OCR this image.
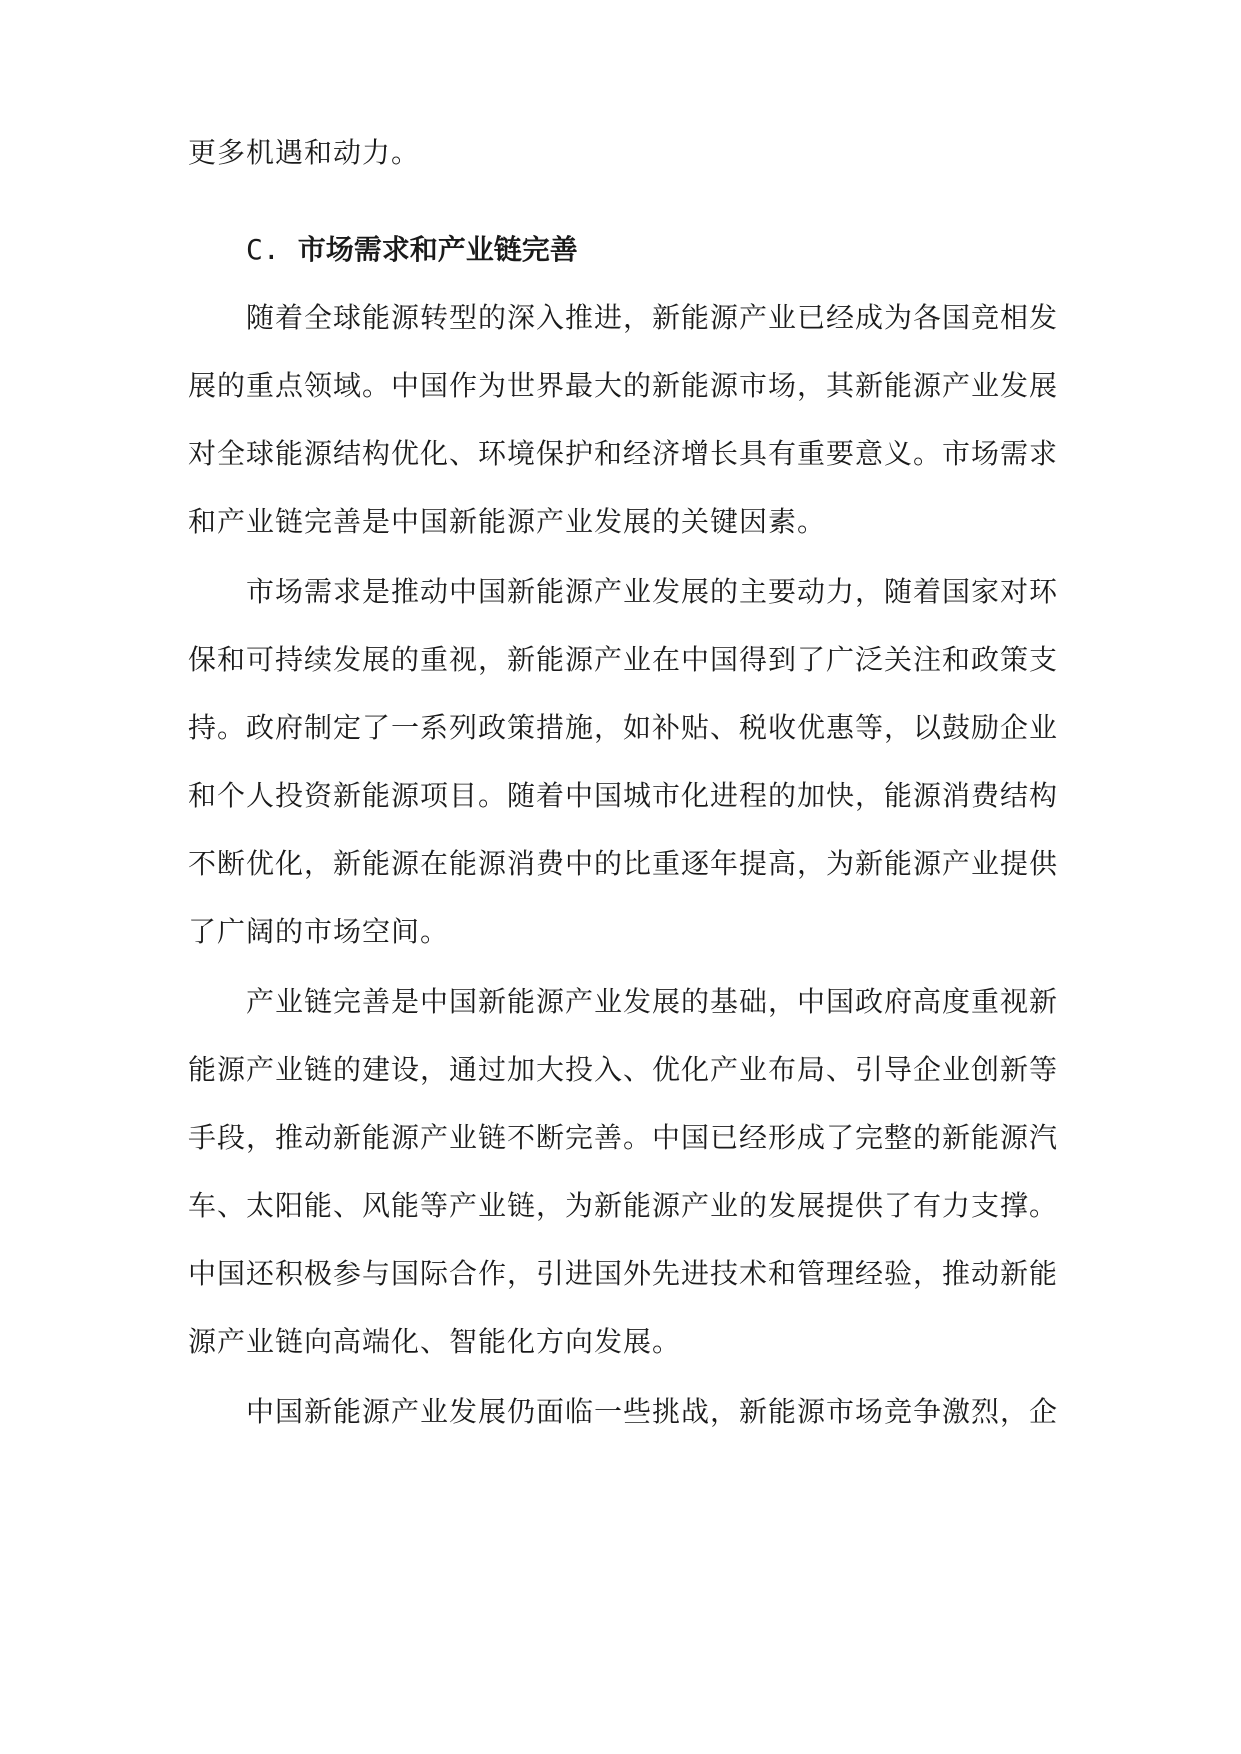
更多机遇和动力。
C. 市场需求和产业链完善
随着全球能源转型的深入推进，新能源产业已经成为各国竞相发
展的重点领域。中国作为世界最大的新能源市场，其新能源产业发展
对全球能源结构优化、环境保护和经济增长具有重要意义。市场需求
和产业链完善是中国新能源产业发展的关键因素。
市场需求是推动中国新能源产业发展的主要动力，随着国家对环
保和可持续发展的重视，新能源产业在中国得到了广泛关注和政策支
持。政府制定了一系列政策措施，如补贴、税收优惠等，以鼓励企业
和个人投资新能源项目。随着中国城市化进程的加快，能源消费结构
不断优化，新能源在能源消费中的比重逐年提高，为新能源产业提供
了广阔的市场空间。
产业链完善是中国新能源产业发展的基础，中国政府高度重视新
能源产业链的建设，通过加大投入、优化产业布局、引导企业创新等
手段，推动新能源产业链不断完善。中国已经形成了完整的新能源汽
车、太阳能、风能等产业链，为新能源产业的发展提供了有力支撑。
中国还积极参与国际合作，引进国外先进技术和管理经验，推动新能
源产业链向高端化、智能化方向发展。
中国新能源产业发展仍面临一些挑战，新能源市场竞争激烈，企
